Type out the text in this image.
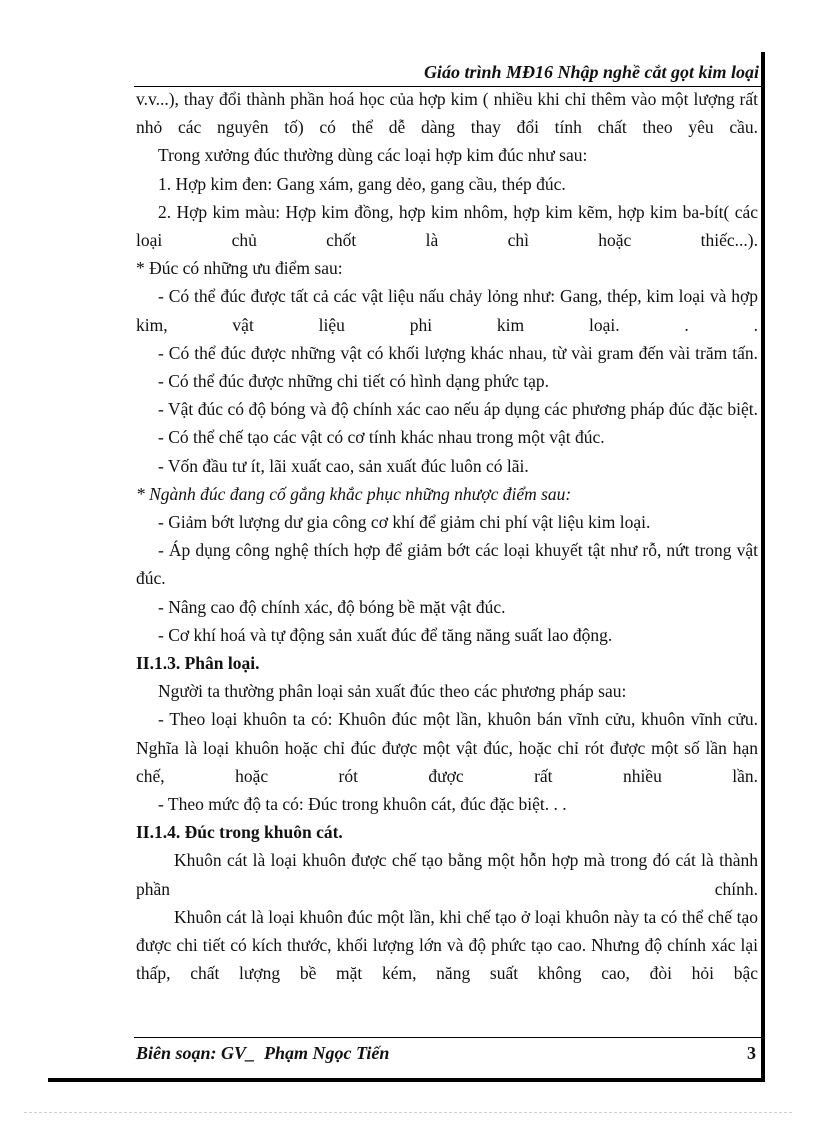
Giáo trình MĐ16 Nhập nghề cắt gọt kim loại

v.v...), thay đổi thành phần hoá học của hợp kim ( nhiều khi chỉ thêm vào một lượng rất nhỏ các nguyên tố) có thể dễ dàng thay đổi tính chất theo yêu cầu.

Trong xưởng đúc thường dùng các loại hợp kim đúc như sau:

1. Hợp kim đen: Gang xám, gang dẻo, gang cầu, thép đúc.

2. Hợp kim màu: Hợp kim đồng, hợp kim nhôm, hợp kim kẽm, hợp kim ba-bít( các loại chủ chốt là chì hoặc thiếc...).

* Đúc có những ưu điểm sau:

- Có thể đúc được tất cả các vật liệu nấu chảy lỏng như: Gang, thép, kim loại và hợp kim, vật liệu phi kim loại. . .

- Có thể đúc được những vật có khối lượng khác nhau, từ vài gram đến vài trăm tấn.

- Có thể đúc được những chi tiết có hình dạng phức tạp.

- Vật đúc có độ bóng và độ chính xác cao nếu áp dụng các phương pháp đúc đặc biệt.

- Có thể chế tạo các vật có cơ tính khác nhau trong một vật đúc.

- Vốn đầu tư ít, lãi xuất cao, sản xuất đúc luôn có lãi.

* Ngành đúc đang cố gắng khắc phục những nhược điểm sau:

- Giảm bớt lượng dư gia công cơ khí để giảm chi phí vật liệu kim loại.

- Áp dụng công nghệ thích hợp để giảm bớt các loại khuyết tật như rỗ, nứt trong vật đúc.

- Nâng cao độ chính xác, độ bóng bề mặt vật đúc.

- Cơ khí hoá và tự động sản xuất đúc để tăng năng suất lao động.

II.1.3. Phân loại.

Người ta thường phân loại sản xuất đúc theo các phương pháp sau:

- Theo loại khuôn ta có: Khuôn đúc một lần, khuôn bán vĩnh cửu, khuôn vĩnh cửu. Nghĩa là loại khuôn hoặc chỉ đúc được một vật đúc, hoặc chỉ rót được một số lần hạn chế, hoặc rót được rất nhiều lần.

- Theo mức độ ta có: Đúc trong khuôn cát, đúc đặc biệt. . .

II.1.4. Đúc trong khuôn cát.

Khuôn cát là loại khuôn được chế tạo bằng một hỗn hợp mà trong đó cát là thành phần chính.

Khuôn cát là loại khuôn đúc một lần, khi chế tạo ở loại khuôn này ta có thể chế tạo được chi tiết có kích thước, khối lượng lớn và độ phức tạo cao. Nhưng độ chính xác lại thấp, chất lượng bề mặt kém, năng suất không cao, đòi hỏi bậc

Biên soạn: GV_  Phạm Ngọc Tiến	3
